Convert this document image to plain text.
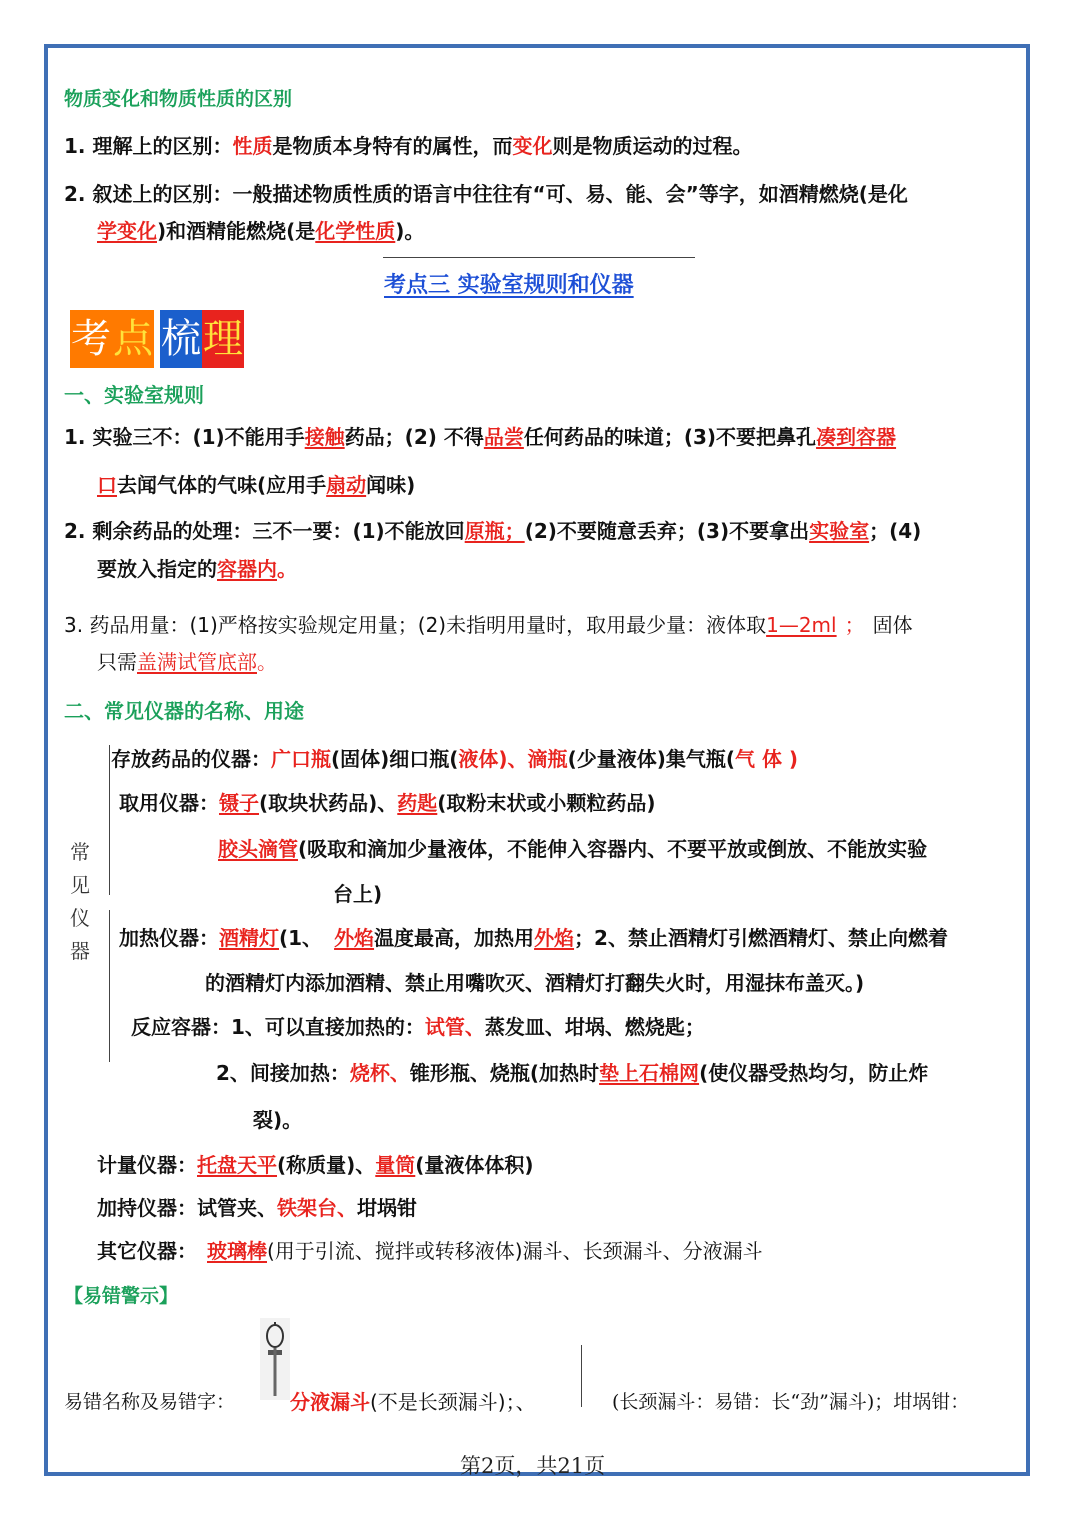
物质变化和物质性质的区别
1. 理解上的区别：性质是物质本身特有的属性，而变化则是物质运动的过程。
2. 叙述上的区别：一般描述物质性质的语言中往往有“可、易、能、会”等字，如酒精燃烧(是化
学变化)和酒精能燃烧(是化学性质)。
考点三 实验室规则和仪器
考 点 梳 理
一、实验室规则
1. 实验三不：(1)不能用手接触药品；(2) 不得品尝任何药品的味道；(3)不要把鼻孔凑到容器
口去闻气体的气味(应用手扇动闻味)
2. 剩余药品的处理：三不一要：(1)不能放回原瓶；(2)不要随意丢弃；(3)不要拿出实验室；(4)
要放入指定的容器内。
3. 药品用量：(1)严格按实验规定用量；(2)未指明用量时，取用最少量：液体取1—2ml ； 固体
只需盖满试管底部。
二、常见仪器的名称、用途
常
见
仪
器
存放药品的仪器：广口瓶(固体)细口瓶(液体)、滴瓶(少量液体)集气瓶(气 体 )
取用仪器：镊子(取块状药品)、药匙(取粉末状或小颗粒药品)
胶头滴管(吸取和滴加少量液体，不能伸入容器内、不要平放或倒放、不能放实验
台上)
加热仪器：酒精灯(1、 外焰温度最高，加热用外焰；2、禁止酒精灯引燃酒精灯、禁止向燃着
的酒精灯内添加酒精、禁止用嘴吹灭、酒精灯打翻失火时，用湿抹布盖灭。)
反应容器：1、可以直接加热的：试管、蒸发皿、坩埚、燃烧匙；
2、间接加热：烧杯、锥形瓶、烧瓶(加热时垫上石棉网(使仪器受热均匀，防止炸
裂)。
计量仪器：托盘天平(称质量)、量筒(量液体体积)
加持仪器：试管夹、铁架台、坩埚钳
其它仪器： 玻璃棒(用于引流、搅拌或转移液体)漏斗、长颈漏斗、分液漏斗
【易错警示】
易错名称及易错字：	分液漏斗(不是长颈漏斗)；、	(长颈漏斗：易错：长“劲”漏斗)；坩埚钳：
第2页，共21页
